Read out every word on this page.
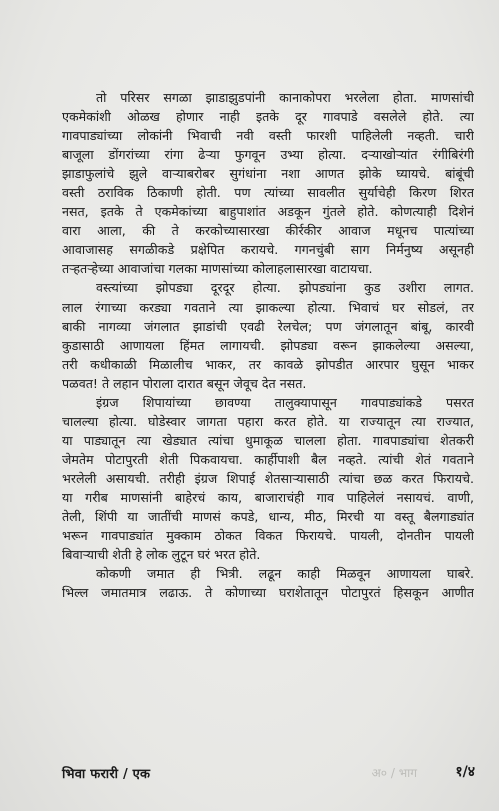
तो परिसर सगळा झाडाझुडपांनी कानाकोपरा भरलेला होता. माणसांची
एकमेकांशी ओळख होणार नाही इतके दूर गावपाडे वसलेले होते. त्या
गावपाड्यांच्या लोकांनी भिवाची नवी वस्ती फारशी पाहिलेली नव्हती. चारी
बाजूला डोंगरांच्या रांगा ढेऱ्या फुगवून उभ्या होत्या. दऱ्याखोऱ्यांत रंगीबिरंगी
झाडाफुलांचे झुले वाऱ्याबरोबर सुगंधांना नशा आणत झोके घ्यायचे. बांबूंची
वस्ती ठराविक ठिकाणी होती. पण त्यांच्या सावलीत सुर्याचेही किरण शिरत
नसत, इतके ते एकमेकांच्या बाहुपाशांत अडकून गुंतले होते. कोणत्याही दिशेनं
वारा आला, की ते करकोच्यासारखा कीर्रकीर आवाज मधूनच पात्यांच्या
आवाजासह सगळीकडे प्रक्षेपित करायचे. गगनचुंबी साग निर्मनुष्य असूनही
तऱ्हतऱ्हेच्या आवाजांचा गलका माणसांच्या कोलाहलासारखा वाटायचा.

वस्त्यांच्या झोपड्या दूरदूर होत्या. झोपड्यांना कुड उशीरा लागत.
लाल रंगाच्या करड्या गवताने त्या झाकल्या होत्या. भिवाचं घर सोडलं, तर
बाकी नागव्या जंगलात झाडांची एवढी रेलचेल; पण जंगलातून बांबू, कारवी
कुडासाठी आणायला हिंमत लागायची. झोपड्या वरून झाकलेल्या असल्या,
तरी कधीकाळी मिळालीच भाकर, तर कावळे झोपडीत आरपार घुसून भाकर
पळवत! ते लहान पोराला दारात बसून जेवूच देत नसत.

इंग्रज शिपायांच्या छावण्या तालुक्यापासून गावपाड्यांकडे पसरत
चालल्या होत्या. घोडेस्वार जागता पहारा करत होते. या राज्यातून त्या राज्यात,
या पाड्यातून त्या खेड्यात त्यांचा धुमाकूळ चालला होता. गावपाड्यांचा शेतकरी
जेमतेम पोटापुरती शेती पिकवायचा. कार्हीपाशी बैल नव्हते. त्यांची शेतं गवताने
भरलेली असायची. तरीही इंग्रज शिपाई शेतसाऱ्यासाठी त्यांचा छळ करत फिरायचे.
या गरीब माणसांनी बाहेरचं काय, बाजाराचंही गाव पाहिलेलं नसायचं. वाणी,
तेली, शिंपी या जातींची माणसं कपडे, धान्य, मीठ, मिरची या वस्तू बैलगाड्यांत
भरून गावपाड्यांत मुक्काम ठोकत विकत फिरायचे. पायली, दोनतीन पायली
बिवाऱ्याची शेती हे लोक लुटून घरं भरत होते.

कोकणी जमात ही भित्री. लढून काही मिळवून आणायला घाबरे.
भिल्ल जमातमात्र लढाऊ. ते कोणाच्या घराशेतातून पोटापुरतं हिसकून आणीत

भिवा फरारी / एक	अ० / भाग	१/४
